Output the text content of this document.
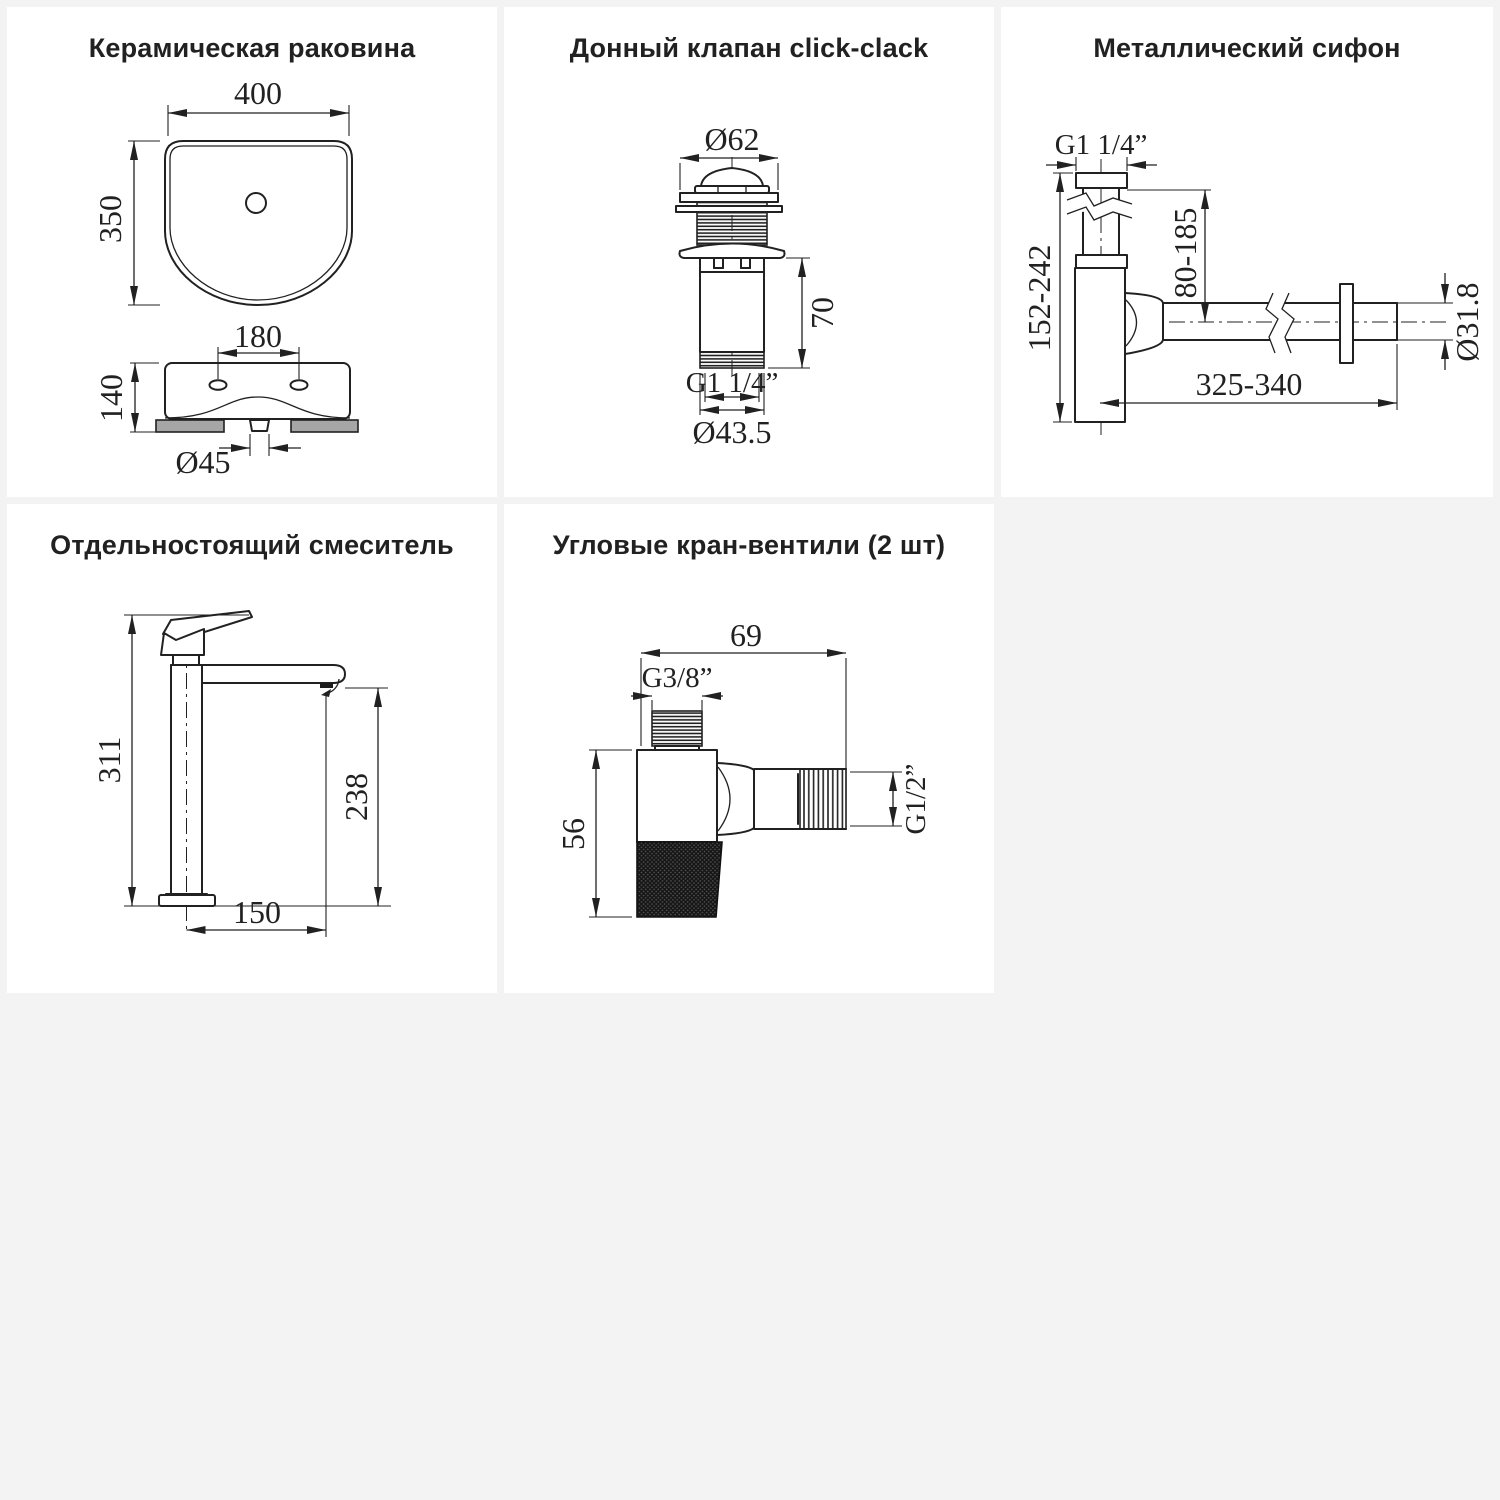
Керамическая раковина
400
350
180
140
Ø45
Донный клапан click-clack
Ø62
70
G1 1/4”
Ø43.5
Металлический сифон
G1 1/4”
152-242	80-185
Ø31.8
325-340
Отдельностоящий смеситель
311
238
150
Угловые кран-вентили (2 шт)
69
G3/8”
56	G1/2”
